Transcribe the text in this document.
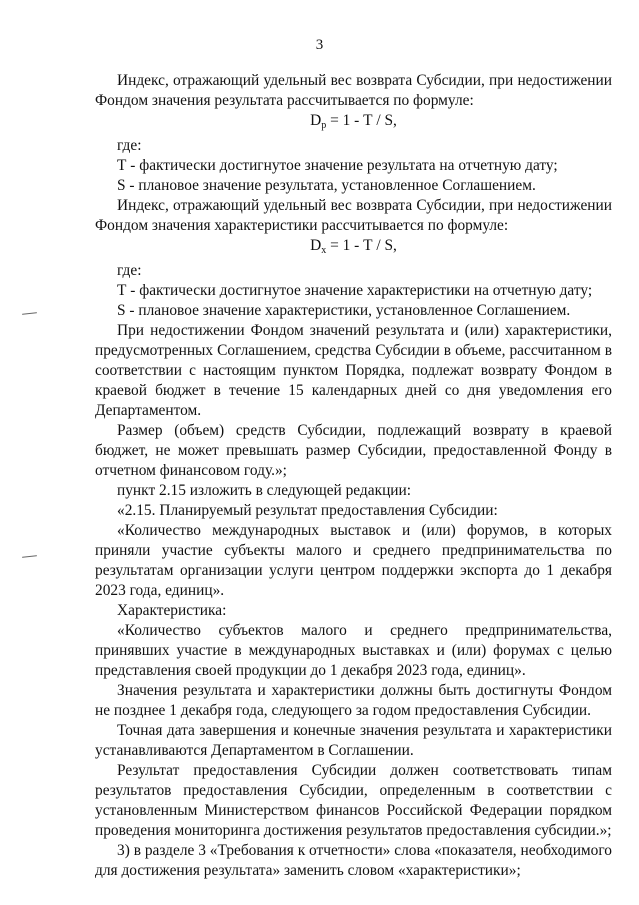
3

Индекс, отражающий удельный вес возврата Субсидии, при недостижении Фондом значения результата рассчитывается по формуле:

$D_р = 1 - Т / S$,

где:

Т - фактически достигнутое значение результата на отчетную дату;

S - плановое значение результата, установленное Соглашением.

Индекс, отражающий удельный вес возврата Субсидии, при недостижении Фондом значения характеристики рассчитывается по формуле:

$D_х = 1 - Т / S$,

где:

Т - фактически достигнутое значение характеристики на отчетную дату;

S - плановое значение характеристики, установленное Соглашением.

При недостижении Фондом значений результата и (или) характеристики, предусмотренных Соглашением, средства Субсидии в объеме, рассчитанном в соответствии с настоящим пунктом Порядка, подлежат возврату Фондом в краевой бюджет в течение 15 календарных дней со дня уведомления его Департаментом.

Размер (объем) средств Субсидии, подлежащий возврату в краевой бюджет, не может превышать размер Субсидии, предоставленной Фонду в отчетном финансовом году.»;

пункт 2.15 изложить в следующей редакции:

«2.15. Планируемый результат предоставления Субсидии:

«Количество международных выставок и (или) форумов, в которых приняли участие субъекты малого и среднего предпринимательства по результатам организации услуги центром поддержки экспорта до 1 декабря 2023 года, единиц».

Характеристика:

«Количество субъектов малого и среднего предпринимательства, принявших участие в международных выставках и (или) форумах с целью представления своей продукции до 1 декабря 2023 года, единиц».

Значения результата и характеристики должны быть достигнуты Фондом не позднее 1 декабря года, следующего за годом предоставления Субсидии.

Точная дата завершения и конечные значения результата и характеристики устанавливаются Департаментом в Соглашении.

Результат предоставления Субсидии должен соответствовать типам результатов предоставления Субсидии, определенным в соответствии с установленным Министерством финансов Российской Федерации порядком проведения мониторинга достижения результатов предоставления субсидии.»;

3) в разделе 3 «Требования к отчетности» слова «показателя, необходимого для достижения результата» заменить словом «характеристики»;
